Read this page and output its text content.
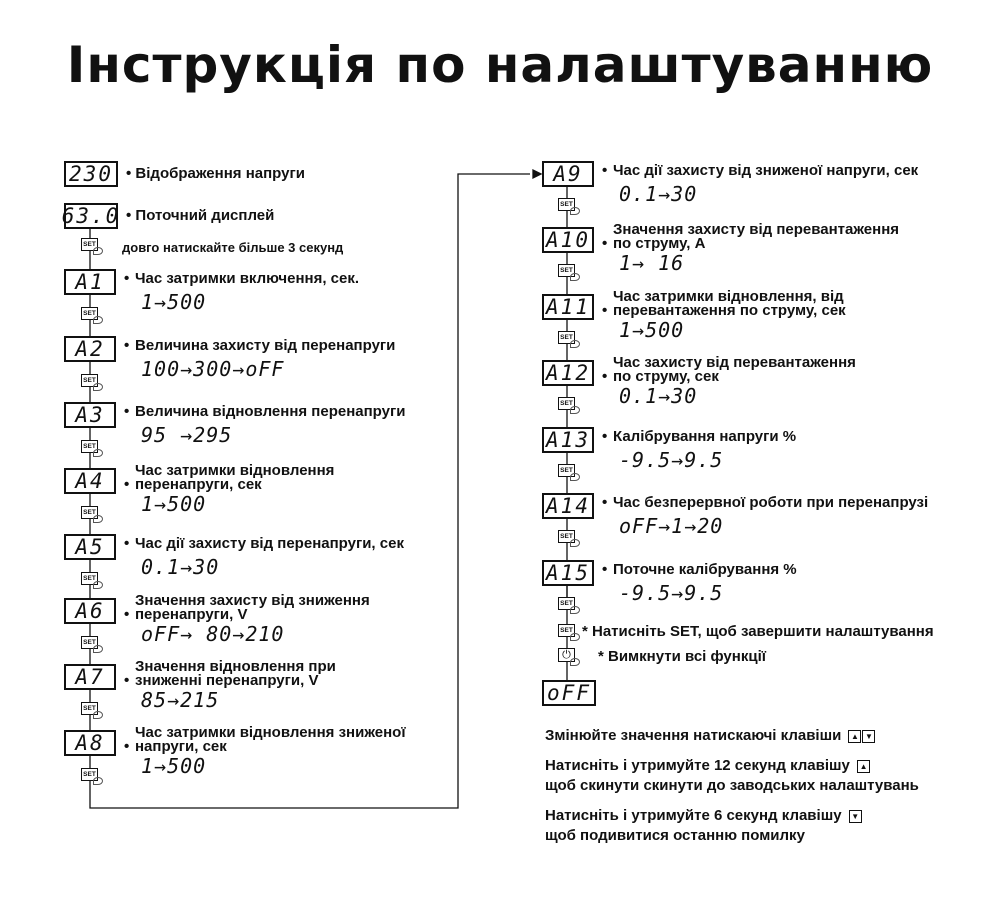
Інструкція по налаштуванню
230 • Відображення напруги
63.0 • Поточний дисплей
SET довго натискайте більше 3 секунд
A1	• Час затримки включення, сек.
1→500
SET
A2	• Величина захисту від перенапруги
100→300→oFF
SET
A3	• Величина відновлення перенапруги
95 →295
SET
A4	•
Час затримки відновлення
перенапруги, сек
1→500
SET
A5	• Час дії захисту від перенапруги, сек
0.1→30
SET
A6	•
Значення захисту від зниження
перенапруги, V
oFF→ 80→210
SET
A7	•
Значення відновлення при
зниженні перенапруги, V
85→215
SET
A8	•
Час затримки відновлення зниженої
напруги, сек
1→500
SET
A9	• Час дії захисту від зниженої напруги, сек
0.1→30
SET
A10 •
Значення захисту від перевантаження
по струму, А
1→ 16
SET
A11 •
Час затримки відновлення, від
перевантаження по струму, сек
1→500
SET
A12 •
Час захисту від перевантаження
по струму, сек
0.1→30
SET
A13 • Калібрування напруги %
-9.5→9.5
SET
A14 • Час безперервної роботи при перенапрузі
oFF→1→20
SET
A15 • Поточне калібрування %
-9.5→9.5
SET
SET * Натисніть SET, щоб завершити налаштування
⏻ * Вимкнути всі функції
oFF
Змінюйте значення натискаючі клавіши ▲ ▼
Натисніть і утримуйте 12 секунд клавішу ▲
щоб скинути скинути до заводських налаштувань
Натисніть і утримуйте 6 секунд клавішу ▼
щоб подивитися останню помилку
